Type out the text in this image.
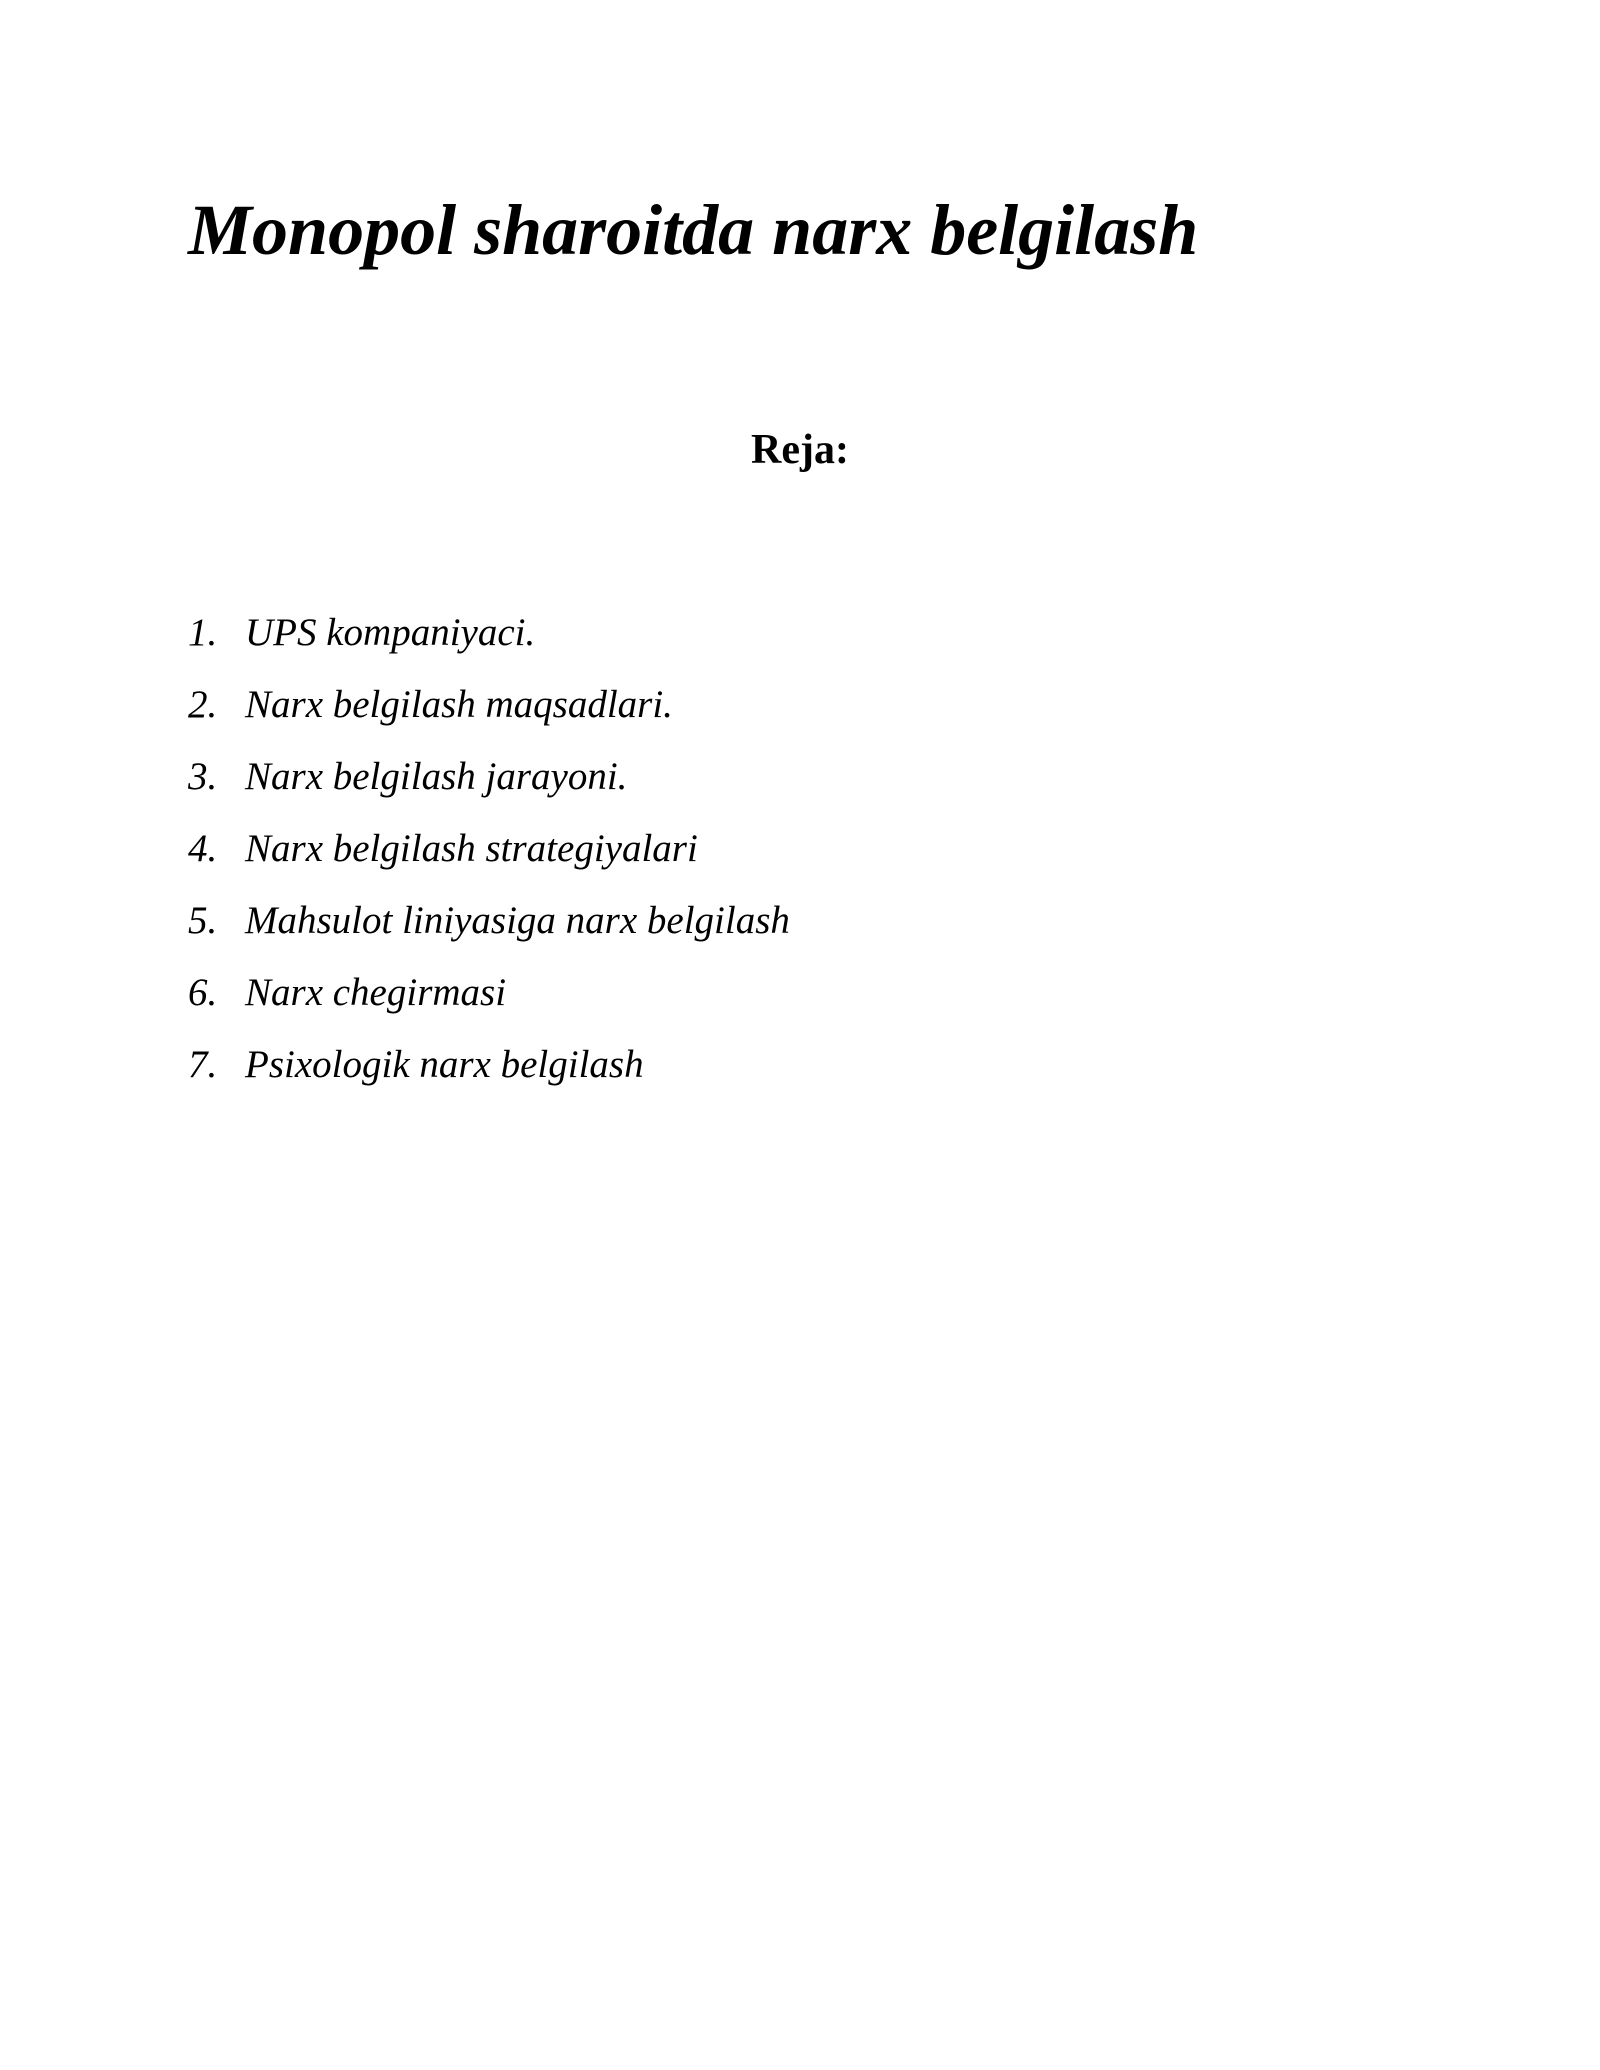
Monopol sharoitda narx belgilash
Reja:
1. UPS kompaniyaci.
2. Narx belgilash maqsadlari.
3. Narx belgilash jarayoni.
4. Narx belgilash strategiyalari
5. Mahsulot liniyasiga narx belgilash
6. Narx chegirmasi
7. Psixologik narx belgilash
